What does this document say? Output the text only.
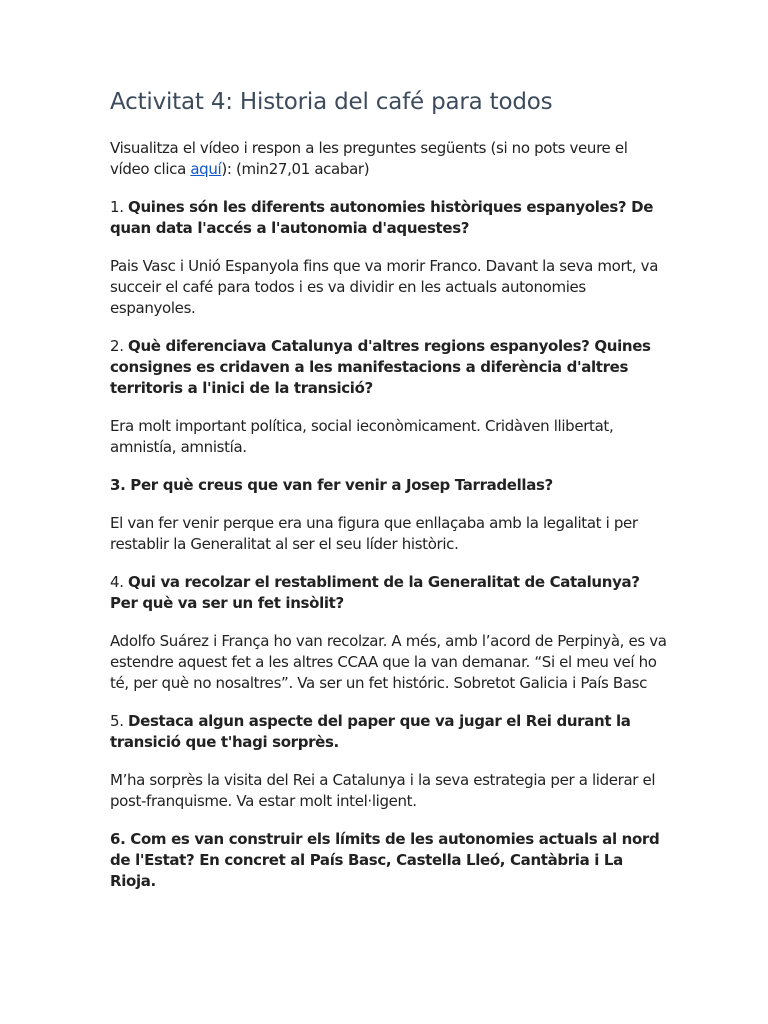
Activitat 4: Historia del café para todos

Visualitza el vídeo i respon a les preguntes següents (si no pots veure el vídeo clica aquí): (min27,01 acabar)

1. Quines són les diferents autonomies històriques espanyoles? De quan data l'accés a l'autonomia d'aquestes?

Pais Vasc i Unió Espanyola fins que va morir Franco. Davant la seva mort, va succeir el café para todos i es va dividir en les actuals autonomies espanyoles.

2. Què diferenciava Catalunya d'altres regions espanyoles? Quines consignes es cridaven a les manifestacions a diferència d'altres territoris a l'inici de la transició?

Era molt important política, social ieconòmicament. Cridàven llibertat, amnistía, amnistía.

3. Per què creus que van fer venir a Josep Tarradellas?

El van fer venir perque era una figura que enllaçaba amb la legalitat i per restablir la Generalitat al ser el seu líder històric.

4. Qui va recolzar el restabliment de la Generalitat de Catalunya? Per què va ser un fet insòlit?

Adolfo Suárez i França ho van recolzar. A més, amb l’acord de Perpinyà, es va estendre aquest fet a les altres CCAA que la van demanar. “Si el meu veí ho té, per què no nosaltres”. Va ser un fet históric. Sobretot Galicia i País Basc

5. Destaca algun aspecte del paper que va jugar el Rei durant la transició que t'hagi sorprès.

M’ha sorprès la visita del Rei a Catalunya i la seva estrategia per a liderar el post-franquisme. Va estar molt intel·ligent.

6. Com es van construir els límits de les autonomies actuals al nord de l'Estat? En concret al País Basc, Castella Lleó, Cantàbria i La Rioja.
